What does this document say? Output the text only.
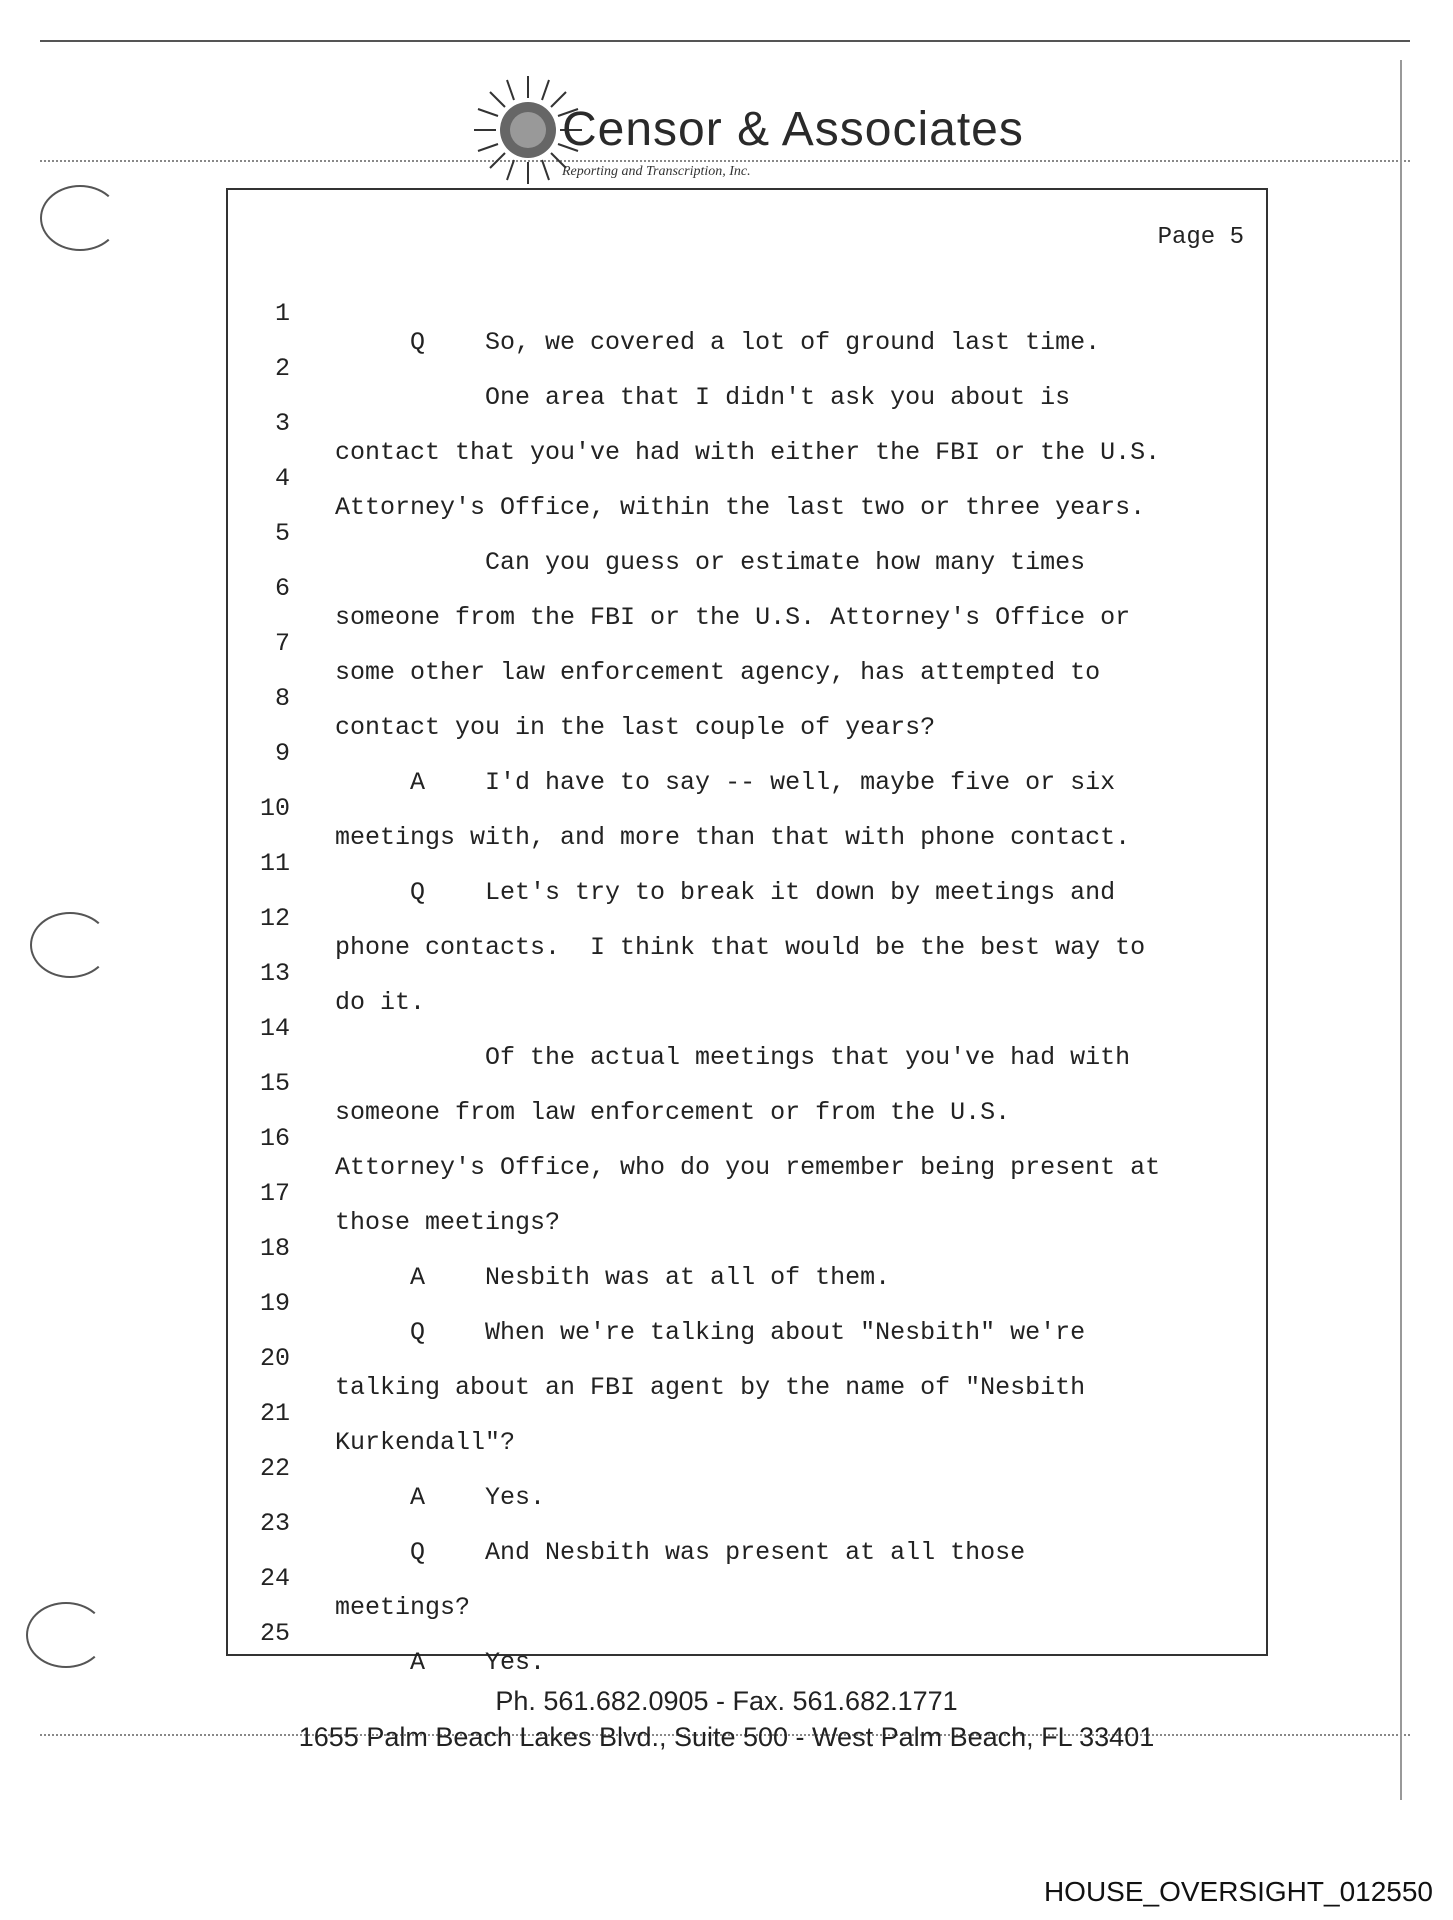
Censor & Associates
Reporting and Transcription, Inc.
Page 5

1

Q    So, we covered a lot of ground last time.

2

One area that I didn't ask you about is

3

contact that you've had with either the FBI or the U.S.

4

Attorney's Office, within the last two or three years.

5

Can you guess or estimate how many times

6

someone from the FBI or the U.S. Attorney's Office or

7

some other law enforcement agency, has attempted to

8

contact you in the last couple of years?

9

A    I'd have to say -- well, maybe five or six

10

meetings with, and more than that with phone contact.

11

Q    Let's try to break it down by meetings and

12

phone contacts.  I think that would be the best way to

13

do it.

14

Of the actual meetings that you've had with

15

someone from law enforcement or from the U.S.

16

Attorney's Office, who do you remember being present at

17

those meetings?

18

A    Nesbith was at all of them.

19

Q    When we're talking about "Nesbith" we're

20

talking about an FBI agent by the name of "Nesbith

21

Kurkendall"?

22

A    Yes.

23

Q    And Nesbith was present at all those

24

meetings?

25

A    Yes.

Ph. 561.682.0905 - Fax. 561.682.1771
1655 Palm Beach Lakes Blvd., Suite 500 - West Palm Beach, FL 33401
HOUSE_OVERSIGHT_012550
